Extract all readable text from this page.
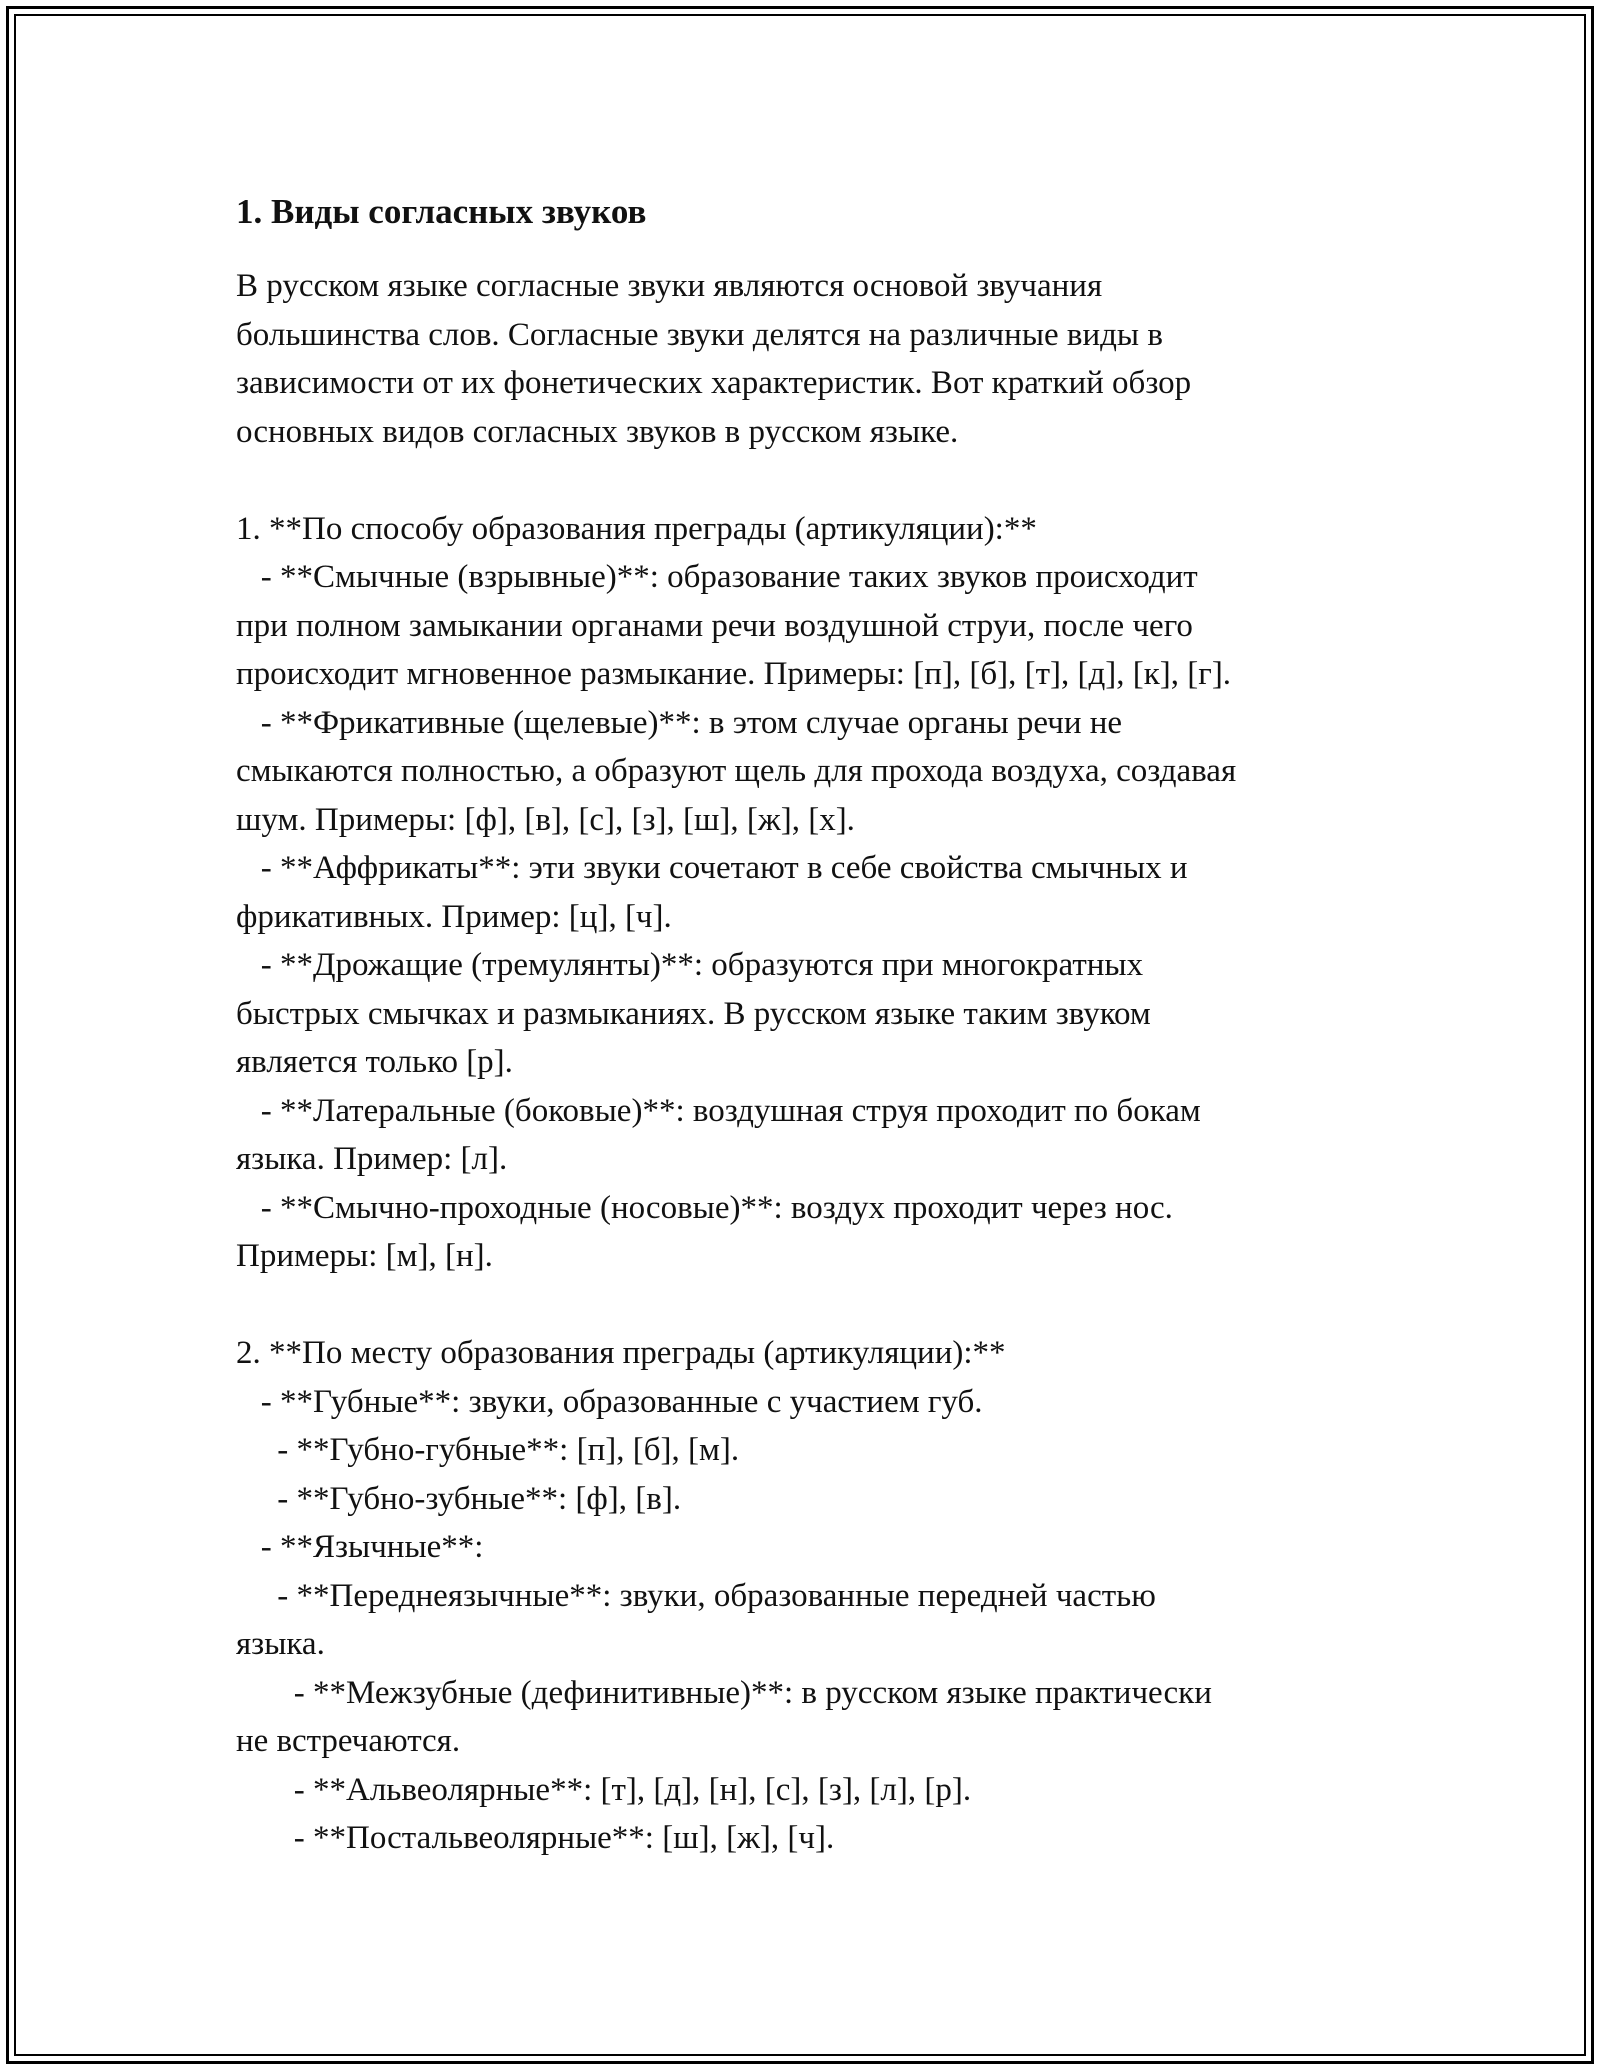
1. Виды согласных звуков
В русском языке согласные звуки являются основой звучания
большинства слов. Согласные звуки делятся на различные виды в
зависимости от их фонетических характеристик. Вот краткий обзор
основных видов согласных звуков в русском языке.
1. **По способу образования преграды (артикуляции):**
- **Смычные (взрывные)**: образование таких звуков происходит
при полном замыкании органами речи воздушной струи, после чего
происходит мгновенное размыкание. Примеры: [п], [б], [т], [д], [к], [г].
- **Фрикативные (щелевые)**: в этом случае органы речи не
смыкаются полностью, а образуют щель для прохода воздуха, создавая
шум. Примеры: [ф], [в], [с], [з], [ш], [ж], [х].
- **Аффрикаты**: эти звуки сочетают в себе свойства смычных и
фрикативных. Пример: [ц], [ч].
- **Дрожащие (тремулянты)**: образуются при многократных
быстрых смычках и размыканиях. В русском языке таким звуком
является только [р].
- **Латеральные (боковые)**: воздушная струя проходит по бокам
языка. Пример: [л].
- **Смычно-проходные (носовые)**: воздух проходит через нос.
Примеры: [м], [н].
2. **По месту образования преграды (артикуляции):**
- **Губные**: звуки, образованные с участием губ.
- **Губно-губные**: [п], [б], [м].
- **Губно-зубные**: [ф], [в].
- **Язычные**:
- **Переднеязычные**: звуки, образованные передней частью
языка.
- **Межзубные (дефинитивные)**: в русском языке практически
не встречаются.
- **Альвеолярные**: [т], [д], [н], [с], [з], [л], [р].
- **Постальвеолярные**: [ш], [ж], [ч].
